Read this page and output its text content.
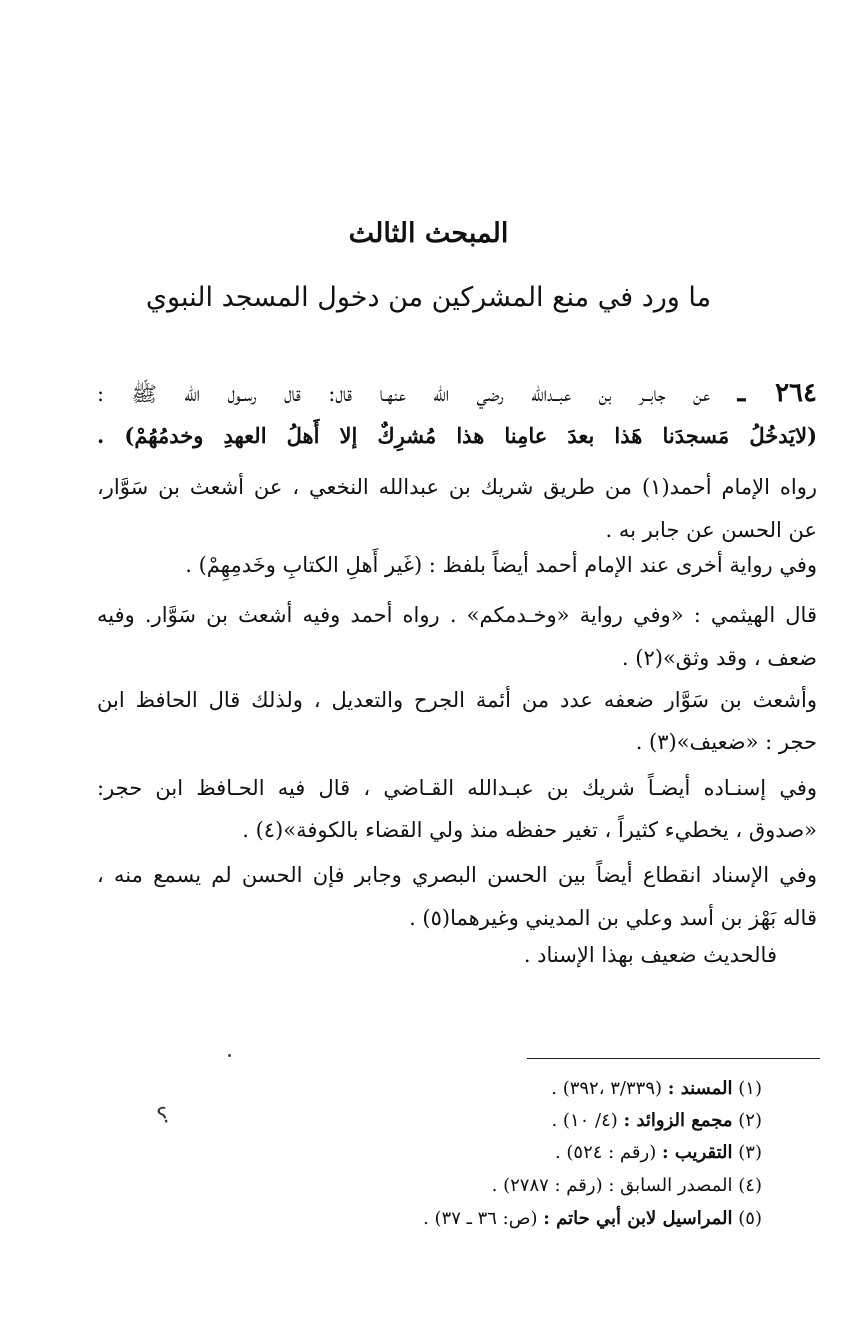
المبحث الثالث
ما ورد في منع المشركين من دخول المسجد النبوي

٢٦٤ ـ عن جابــر بن عبــدالله رضي الله عنهـا قال: قال رسـول الله ﷺ :

(لايَدخُلُ مَسجدَنا هَذا بعدَ عامِنا هذا مُشرِكٌ إلا أَهلُ العهدِ وخدمُهُمْ) .

رواه الإمام أحمد(١) من طريق شريك بن عبدالله النخعي ، عن أشعث بن سَوَّار،

عن الحسن عن جابر به .

وفي رواية أخرى عند الإمام أحمد أيضاً بلفظ : (غَير أَهلِ الكتابِ وخَدمِهِمْ) .

قال الهيثمي : «وفي رواية «وخـدمكم» . رواه أحمد وفيه أشعث بن سَوَّار. وفيه

ضعف ، وقد وثق»(٢) .

وأشعث بن سَوَّار ضعفه عدد من أئمة الجرح والتعديل ، ولذلك قال الحافظ ابن

حجر : «ضعيف»(٣) .

وفي إسنـاده أيضـاً شريك بن عبـدالله القـاضي ، قال فيه الحـافظ ابن حجر:

«صدوق ، يخطيء كثيراً ، تغير حفظه منذ ولي القضاء بالكوفة»(٤) .

وفي الإسناد انقطاع أيضاً بين الحسن البصري وجابر فإن الحسن لم يسمع منه ،

قاله بَهْز بن أسد وعلي بن المديني وغيرهما(٥) .

فالحديث ضعيف بهذا الإسناد .

؟

(١) المسند : (٣/٣٣٩ ،٣٩٢) .

(٢) مجمع الزوائد : (٤/ ١٠) .

(٣) التقريب : (رقم : ٥٢٤) .

(٤) المصدر السابق : (رقم : ٢٧٨٧) .

(٥) المراسيل لابن أبي حاتم : (ص: ٣٦ ـ ٣٧) .
